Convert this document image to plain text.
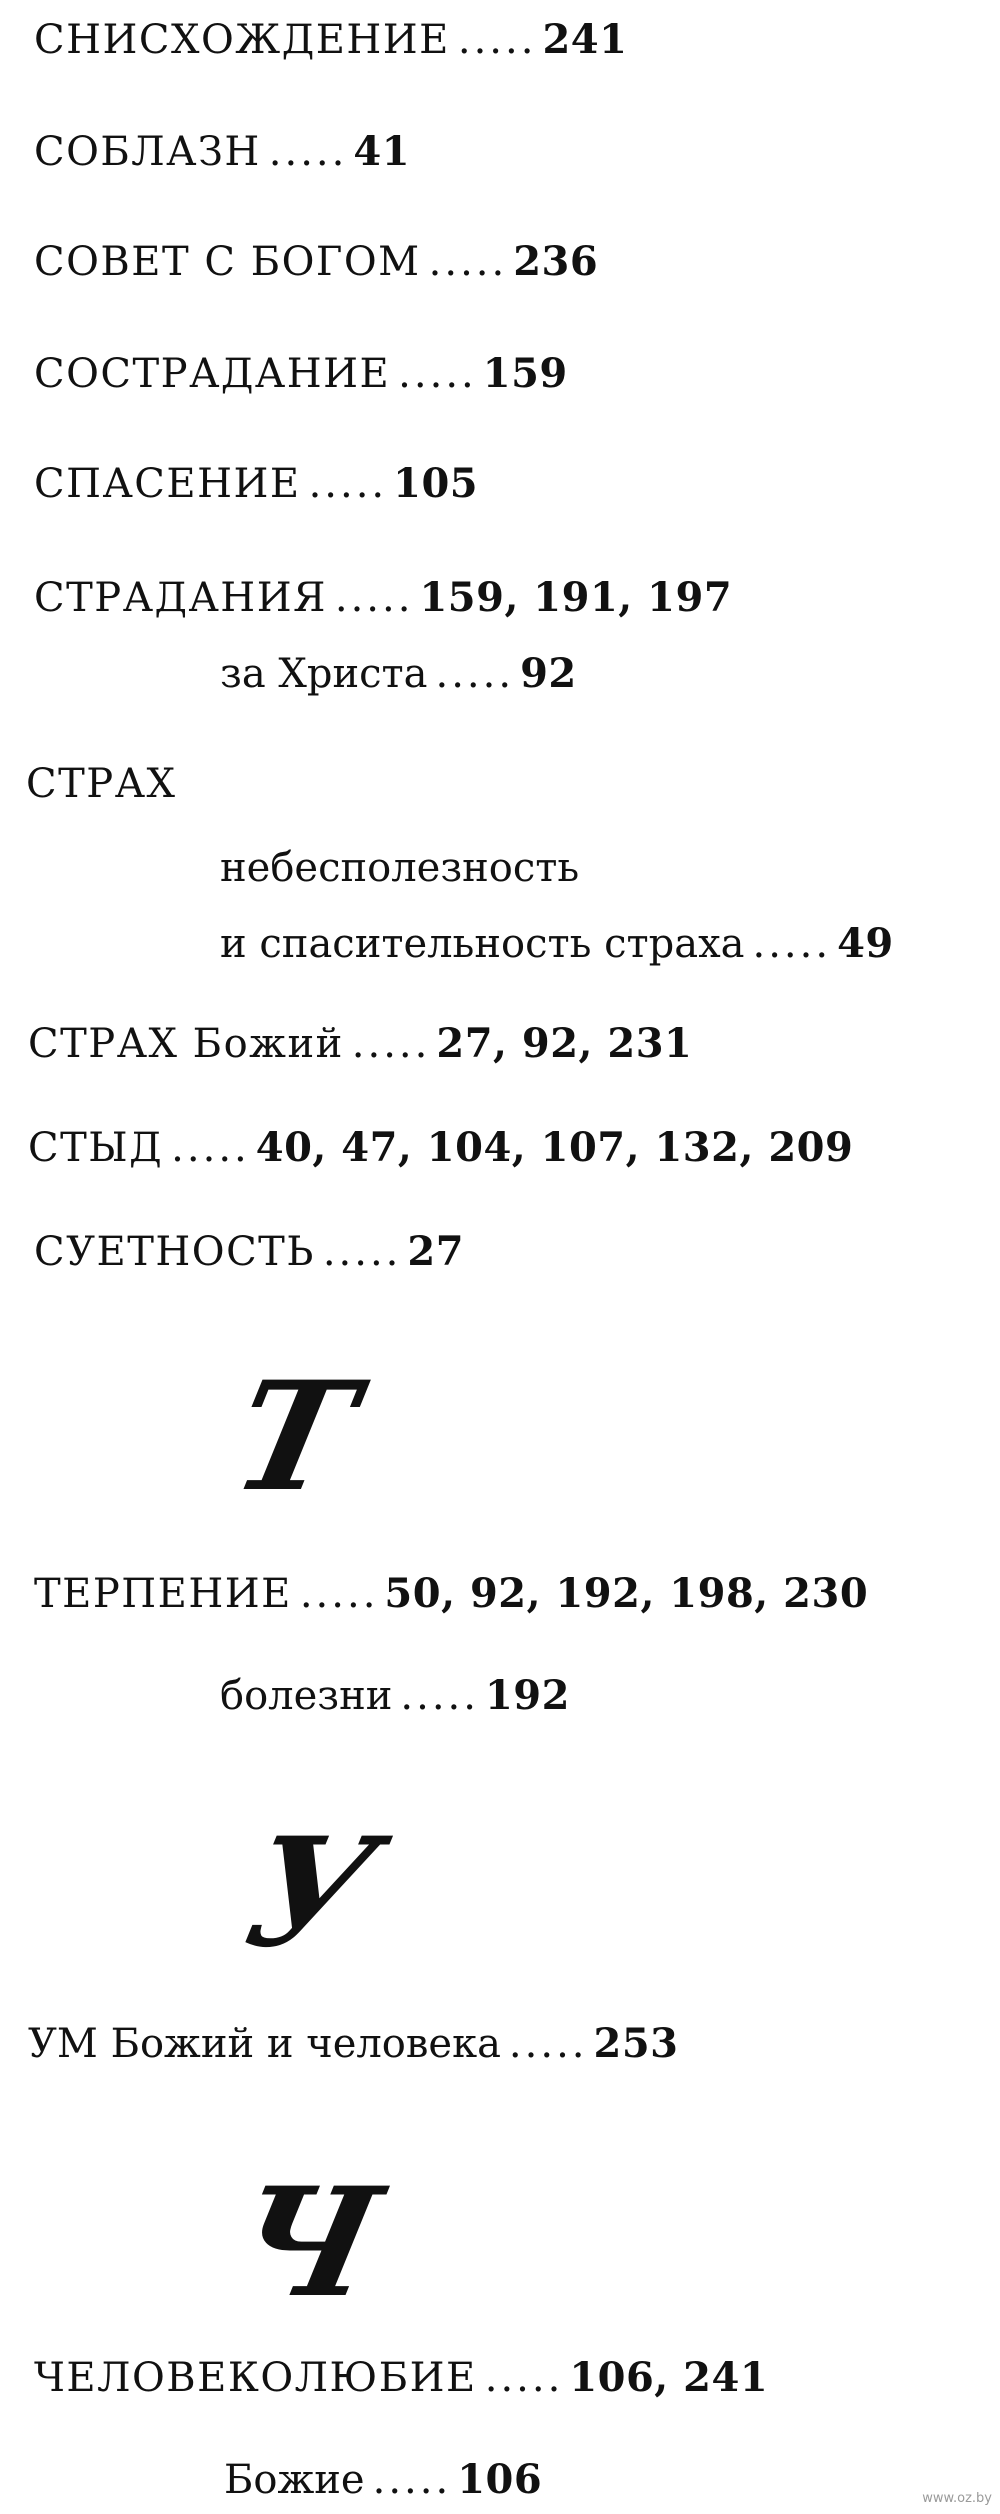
СНИСХОЖДЕНИЕ ..... 241
СОБЛАЗН ..... 41
СОВЕТ С БОГОМ ..... 236
СОСТРАДАНИЕ ..... 159
СПАСЕНИЕ ..... 105
СТРАДАНИЯ ..... 159, 191, 197
за Христа ..... 92
СТРАХ
небесполезность
и спасительность страха ..... 49
СТРАХ Божий ..... 27, 92, 231
СТЫД ..... 40, 47, 104, 107, 132, 209
СУЕТНОСТЬ ..... 27
Т
ТЕРПЕНИЕ ..... 50, 92, 192, 198, 230
болезни ..... 192
У
УМ Божий и человека ..... 253
Ч
ЧЕЛОВЕКОЛЮБИЕ ..... 106, 241
Божие ..... 106	www.oz.by
